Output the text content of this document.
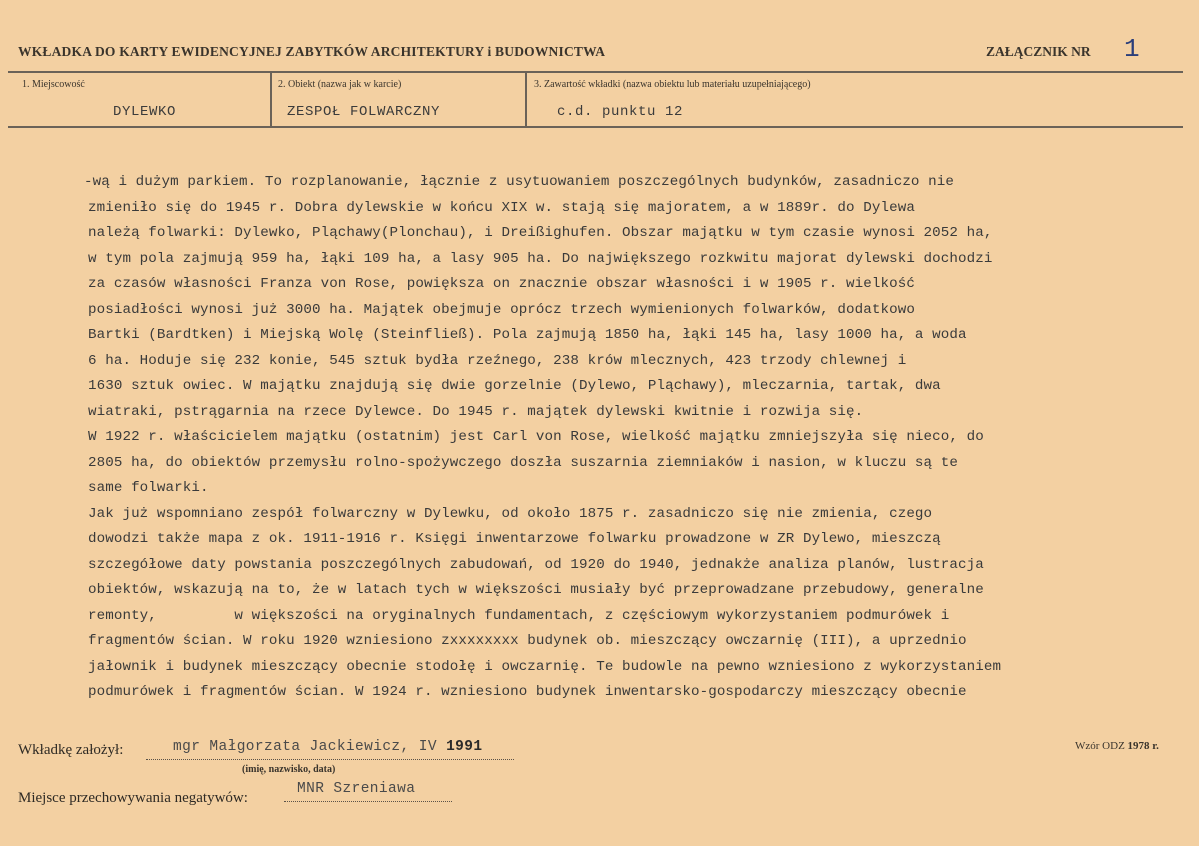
WKŁADKA DO KARTY EWIDENCYJNEJ ZABYTKÓW ARCHITEKTURY i BUDOWNICTWA	ZAŁĄCZNIK NR 1
1. Miejscowość
DYLEWKO
2. Obiekt (nazwa jak w karcie)
ZESPOŁ FOLWARCZNY
3. Zawartość wkładki (nazwa obiektu lub materiału uzupełniającego)
c.d. punktu 12
-wą i dużym parkiem. To rozplanowanie, łącznie z usytuowaniem poszczególnych budynków, zasadniczo nie
zmieniło się do 1945 r. Dobra dylewskie w końcu XIX w. stają się majoratem, a w 1889r. do Dylewa
należą folwarki: Dylewko, Pląchawy(Plonchau), i Dreißighufen. Obszar majątku w tym czasie wynosi 2052 ha,
w tym pola zajmują 959 ha, łąki 109 ha, a lasy 905 ha. Do największego rozkwitu majorat dylewski dochodzi
za czasów własności Franza von Rose, powiększa on znacznie obszar własności i w 1905 r. wielkość
posiadłości wynosi już 3000 ha. Majątek obejmuje oprócz trzech wymienionych folwarków, dodatkowo
Bartki (Bardtken) i Miejską Wolę (Steinfließ). Pola zajmują 1850 ha, łąki 145 ha, lasy 1000 ha, a woda
6 ha. Hoduje się 232 konie, 545 sztuk bydła rzeźnego, 238 krów mlecznych, 423 trzody chlewnej i
1630 sztuk owiec. W majątku znajdują się dwie gorzelnie (Dylewo, Pląchawy), mleczarnia, tartak, dwa
wiatraki, pstrągarnia na rzece Dylewce. Do 1945 r. majątek dylewski kwitnie i rozwija się.
W 1922 r. właścicielem majątku (ostatnim) jest Carl von Rose, wielkość majątku zmniejszyła się nieco, do
2805 ha, do obiektów przemysłu rolno-spożywczego doszła suszarnia ziemniaków i nasion, w kluczu są te
same folwarki.
Jak już wspomniano zespół folwarczny w Dylewku, od około 1875 r. zasadniczo się nie zmienia, czego
dowodzi także mapa z ok. 1911-1916 r. Księgi inwentarzowe folwarku prowadzone w ZR Dylewo, mieszczą
szczegółowe daty powstania poszczególnych zabudowań, od 1920 do 1940, jednakże analiza planów, lustracja
obiektów, wskazują na to, że w latach tych w większości musiały być przeprowadzane przebudowy, generalne
remonty,         w większości na oryginalnych fundamentach, z częściowym wykorzystaniem podmurówek i
fragmentów ścian. W roku 1920 wzniesiono zxxxxxxxx budynek ob. mieszczący owczarnię (III), a uprzednio
jałownik i budynek mieszczący obecnie stodołę i owczarnię. Te budowle na pewno wzniesiono z wykorzystaniem
podmurówek i fragmentów ścian. W 1924 r. wzniesiono budynek inwentarsko-gospodarczy mieszczący obecnie
Wkładkę założył:	mgr Małgorzata Jackiewicz, IV 1991
(imię, nazwisko, data)
Wzór ODZ 1978 r.
Miejsce przechowywania negatywów:
MNR Szreniawa
